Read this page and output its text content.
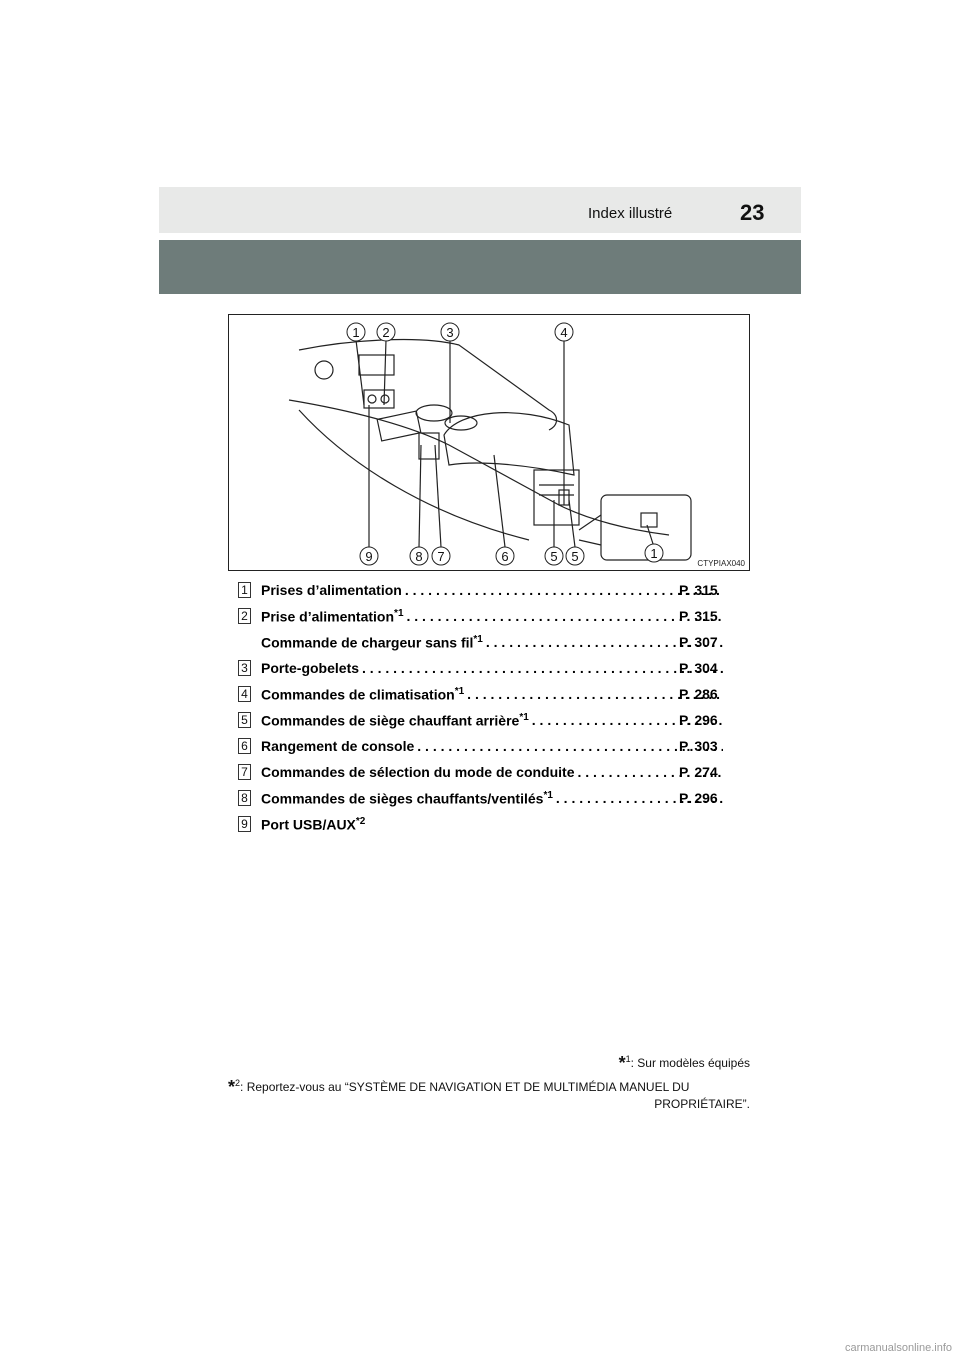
Index illustré	23
1 2	3	4
9	8 7	6	5 5	1
CTYPIAX040
1 Prises d’alimentation . . .	P. 315
2 Prise d’alimentation$^{*1}$ . . .	P. 315
Commande de chargeur sans fil$^{*1}$ . . .	P. 307
3 Porte-gobelets . . .	P. 304
4 Commandes de climatisation$^{*1}$ . . .	P. 286
5 Commandes de siège chauffant arrière$^{*1}$ . . .	P. 296
6 Rangement de console . . .	P. 303
7 Commandes de sélection du mode de conduite . . .	P. 274
8 Commandes de sièges chauffants/ventilés$^{*1}$ . . .	P. 296
9 Port USB/AUX$^{*2}$
*$^1$: Sur modèles équipés
*$^2$: Reportez-vous au “SYSTÈME DE NAVIGATION ET DE MULTIMÉDIA MANUEL DU
PROPRIÉTAIRE”.
carmanualsonline.info
